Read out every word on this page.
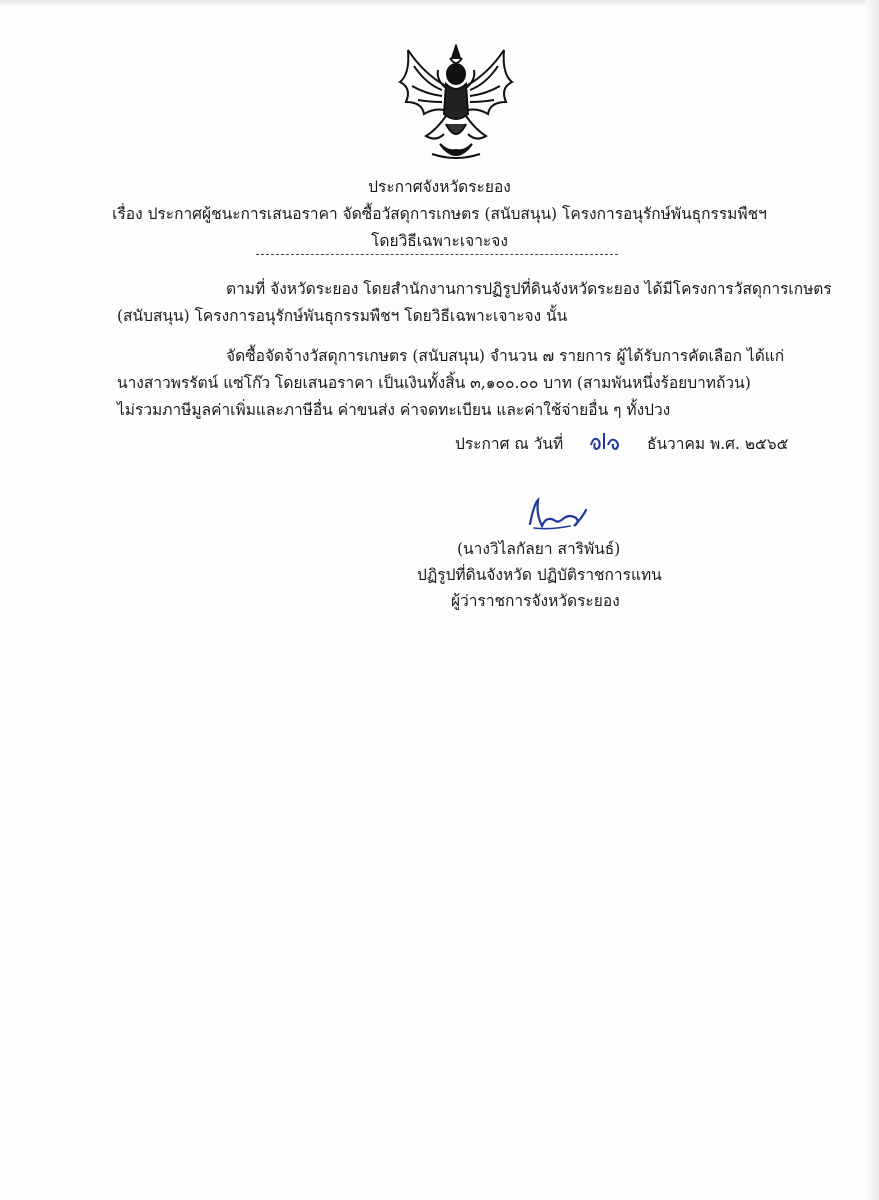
ประกาศจังหวัดระยอง
เรื่อง ประกาศผู้ชนะการเสนอราคา จัดซื้อวัสดุการเกษตร (สนับสนุน) โครงการอนุรักษ์พันธุกรรมพืชฯ
โดยวิธีเฉพาะเจาะจง
ตามที่ จังหวัดระยอง โดยสำนักงานการปฏิรูปที่ดินจังหวัดระยอง ได้มีโครงการวัสดุการเกษตร
(สนับสนุน) โครงการอนุรักษ์พันธุกรรมพืชฯ โดยวิธีเฉพาะเจาะจง นั้น
จัดซื้อจัดจ้างวัสดุการเกษตร (สนับสนุน) จำนวน ๗ รายการ ผู้ได้รับการคัดเลือก ได้แก่
นางสาวพรรัตน์ แซ่โก๊ว โดยเสนอราคา เป็นเงินทั้งสิ้น ๓,๑๐๐.๐๐ บาท (สามพันหนึ่งร้อยบาทถ้วน)
ไม่รวมภาษีมูลค่าเพิ่มและภาษีอื่น ค่าขนส่ง ค่าจดทะเบียน และค่าใช้จ่ายอื่น ๆ ทั้งปวง
ประกาศ ณ วันที่	ธันวาคม พ.ศ. ๒๕๖๕
(นางวิไลกัลยา สาริพันธ์)
ปฏิรูปที่ดินจังหวัด ปฏิบัติราชการแทน
ผู้ว่าราชการจังหวัดระยอง
